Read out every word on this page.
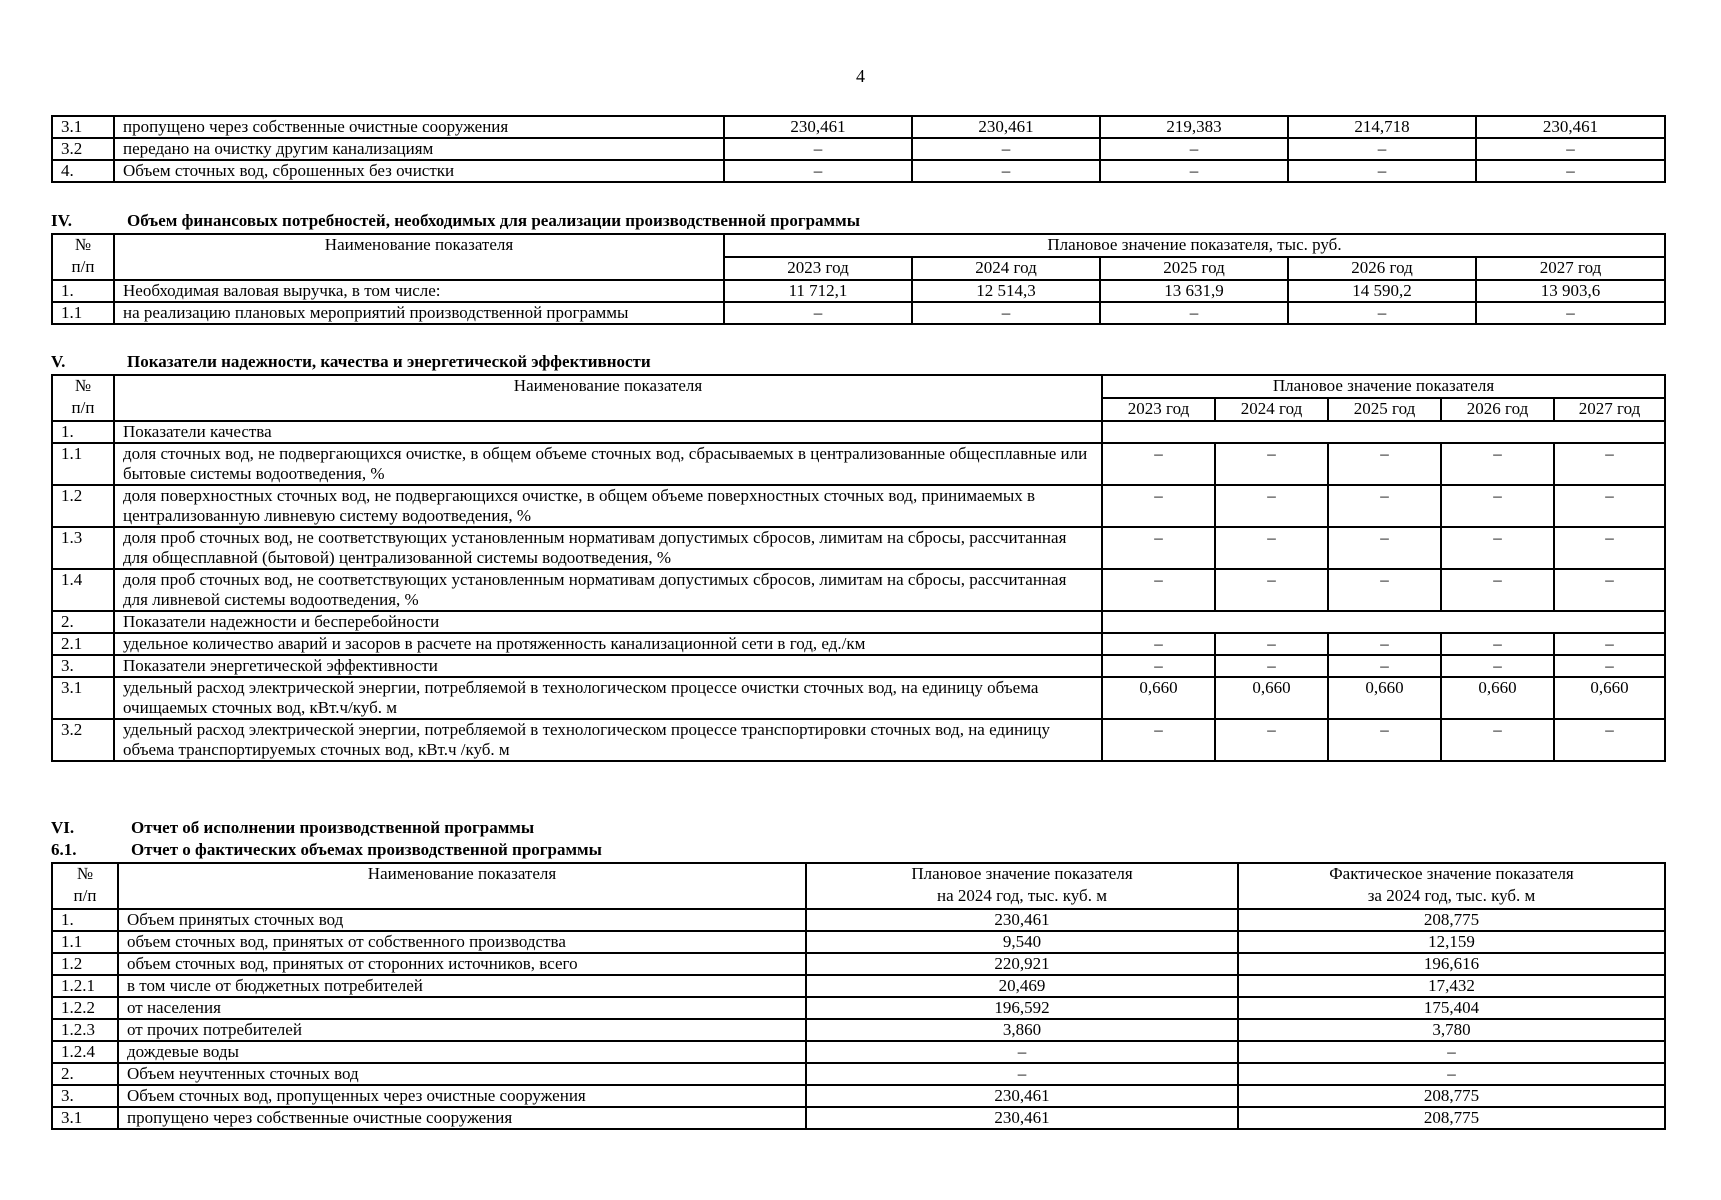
4
3.1	пропущено через собственные очистные сооружения	230,461	230,461	219,383	214,718	230,461
3.2	передано на очистку другим канализациям	–	–	–	–	–
4.	Объем сточных вод, сброшенных без очистки	–	–	–	–	–
IV.	Объем финансовых потребностей, необходимых для реализации производственной программы
№	Наименование показателя	Плановое значение показателя, тыс. руб.				
п/п		2023 год	2024 год	2025 год	2026 год	2027 год
1.	Необходимая валовая выручка, в том числе:	11 712,1	12 514,3	13 631,9	14 590,2	13 903,6
1.1	на реализацию плановых мероприятий производственной программы	–	–	–	–	–
V.	Показатели надежности, качества и энергетической эффективности
№	Наименование показателя	Плановое значение показателя				
п/п		2023 год	2024 год	2025 год	2026 год	2027 год
1.	Показатели качества					
1.1	доля сточных вод, не подвергающихся очистке, в общем объеме сточных вод, сбрасываемых в централизованные общесплавные или бытовые системы водоотведения, %	–	–	–	–	–
1.2	доля поверхностных сточных вод, не подвергающихся очистке, в общем объеме поверхностных сточных вод, принимаемых в централизованную ливневую систему водоотведения, %	–	–	–	–	–
1.3	доля проб сточных вод, не соответствующих установленным нормативам допустимых сбросов, лимитам на сбросы, рассчитанная для общесплавной (бытовой) централизованной системы водоотведения, %	–	–	–	–	–
1.4	доля проб сточных вод, не соответствующих установленным нормативам допустимых сбросов, лимитам на сбросы, рассчитанная для ливневой системы водоотведения, %	–	–	–	–	–
2.	Показатели надежности и бесперебойности					
2.1	удельное количество аварий и засоров в расчете на протяженность канализационной сети в год, ед./км	–	–	–	–	–
3.	Показатели энергетической эффективности	–	–	–	–	–
3.1	удельный расход электрической энергии, потребляемой в технологическом процессе очистки сточных вод, на единицу объема очищаемых сточных вод, кВт.ч/куб. м	0,660	0,660	0,660	0,660	0,660
3.2	удельный расход электрической энергии, потребляемой в технологическом процессе транспортировки сточных вод, на единицу объема транспортируемых сточных вод, кВт.ч /куб. м	–	–	–	–	–
VI.	Отчет об исполнении производственной программы
6.1.	Отчет о фактических объемах производственной программы
№	Наименование показателя	Плановое значение показателя	Фактическое значение показателя
п/п		на 2024 год, тыс. куб. м	за 2024 год, тыс. куб. м
1.	Объем принятых сточных вод	230,461	208,775
1.1	объем сточных вод, принятых от собственного производства	9,540	12,159
1.2	объем сточных вод, принятых от сторонних источников, всего	220,921	196,616
1.2.1	в том числе от бюджетных потребителей	20,469	17,432
1.2.2	от населения	196,592	175,404
1.2.3	от прочих потребителей	3,860	3,780
1.2.4	дождевые воды	–	–
2.	Объем неучтенных сточных вод	–	–
3.	Объем сточных вод, пропущенных через очистные сооружения	230,461	208,775
3.1	пропущено через собственные очистные сооружения	230,461	208,775
